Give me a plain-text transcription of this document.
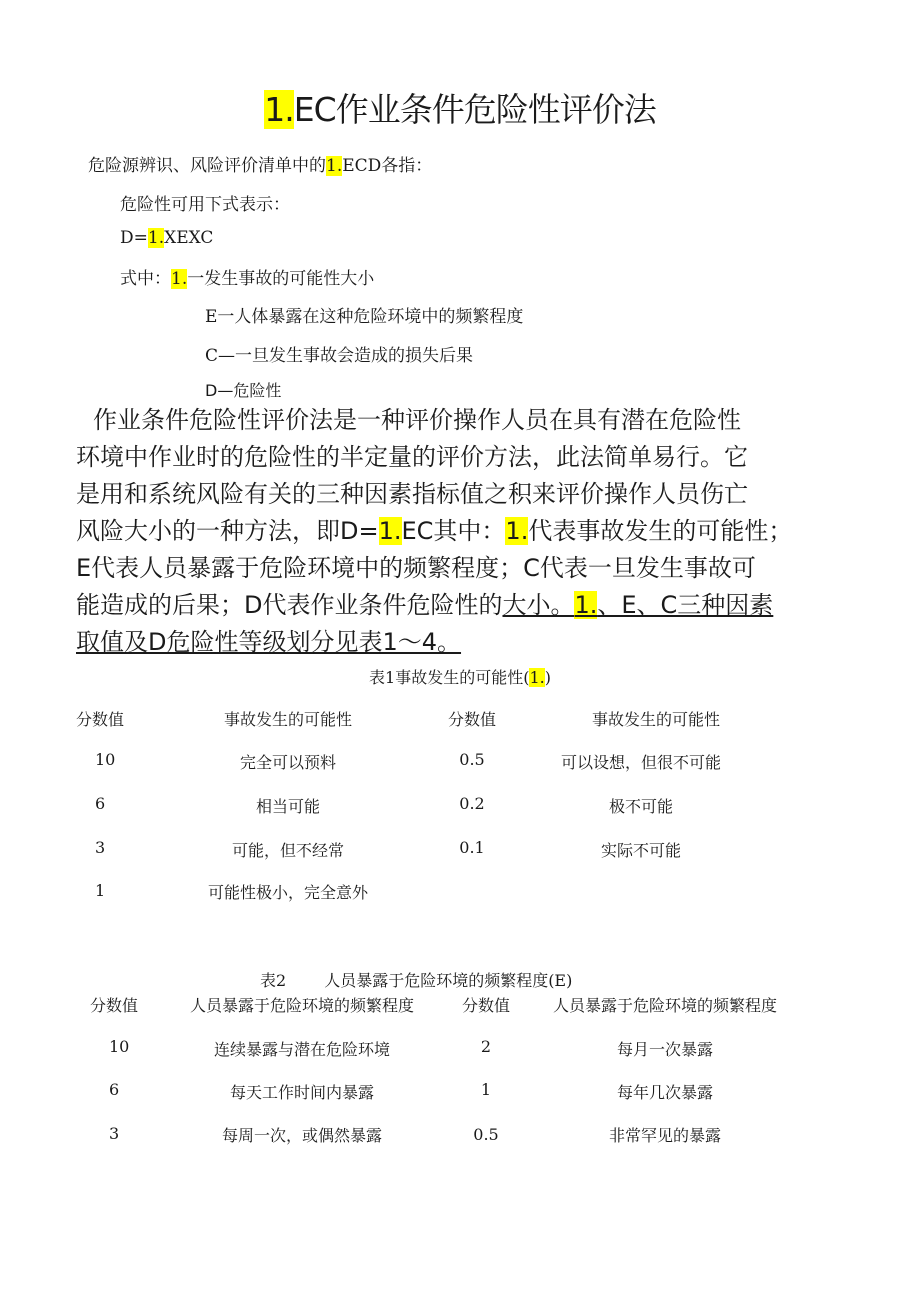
1.EC作业条件危险性评价法
危险源辨识、风险评价清单中的1.ECD各指：
危险性可用下式表示：
D=1.XEXC
式中：1.一发生事故的可能性大小
E一人体暴露在这种危险环境中的频繁程度
C—一旦发生事故会造成的损失后果
D—危险性

作业条件危险性评价法是一种评价操作人员在具有潜在危险性

环境中作业时的危险性的半定量的评价方法，此法简单易行。它

是用和系统风险有关的三种因素指标值之积来评价操作人员伤亡

风险大小的一种方法，即D=1.EC其中：1.代表事故发生的可能性；

E代表人员暴露于危险环境中的频繁程度；C代表一旦发生事故可

能造成的后果；D代表作业条件危险性的大小。1.、E、C三种因素

取值及D危险性等级划分见表1〜4。

表1事故发生的可能性(1.)
分数值	事故发生的可能性	分数值	事故发生的可能性
10	完全可以预料	0.5	可以设想，但很不可能
6	相当可能	0.2	极不可能
3	可能，但不经常	0.1	实际不可能
1	可能性极小，完全意外
表2 人员暴露于危险环境的频繁程度(E)
分数值	人员暴露于危险环境的频繁程度	分数值	人员暴露于危险环境的频繁程度
10	连续暴露与潜在危险环境	2	每月一次暴露
6	每天工作时间内暴露	1	每年几次暴露
3	每周一次，或偶然暴露	0.5	非常罕见的暴露
